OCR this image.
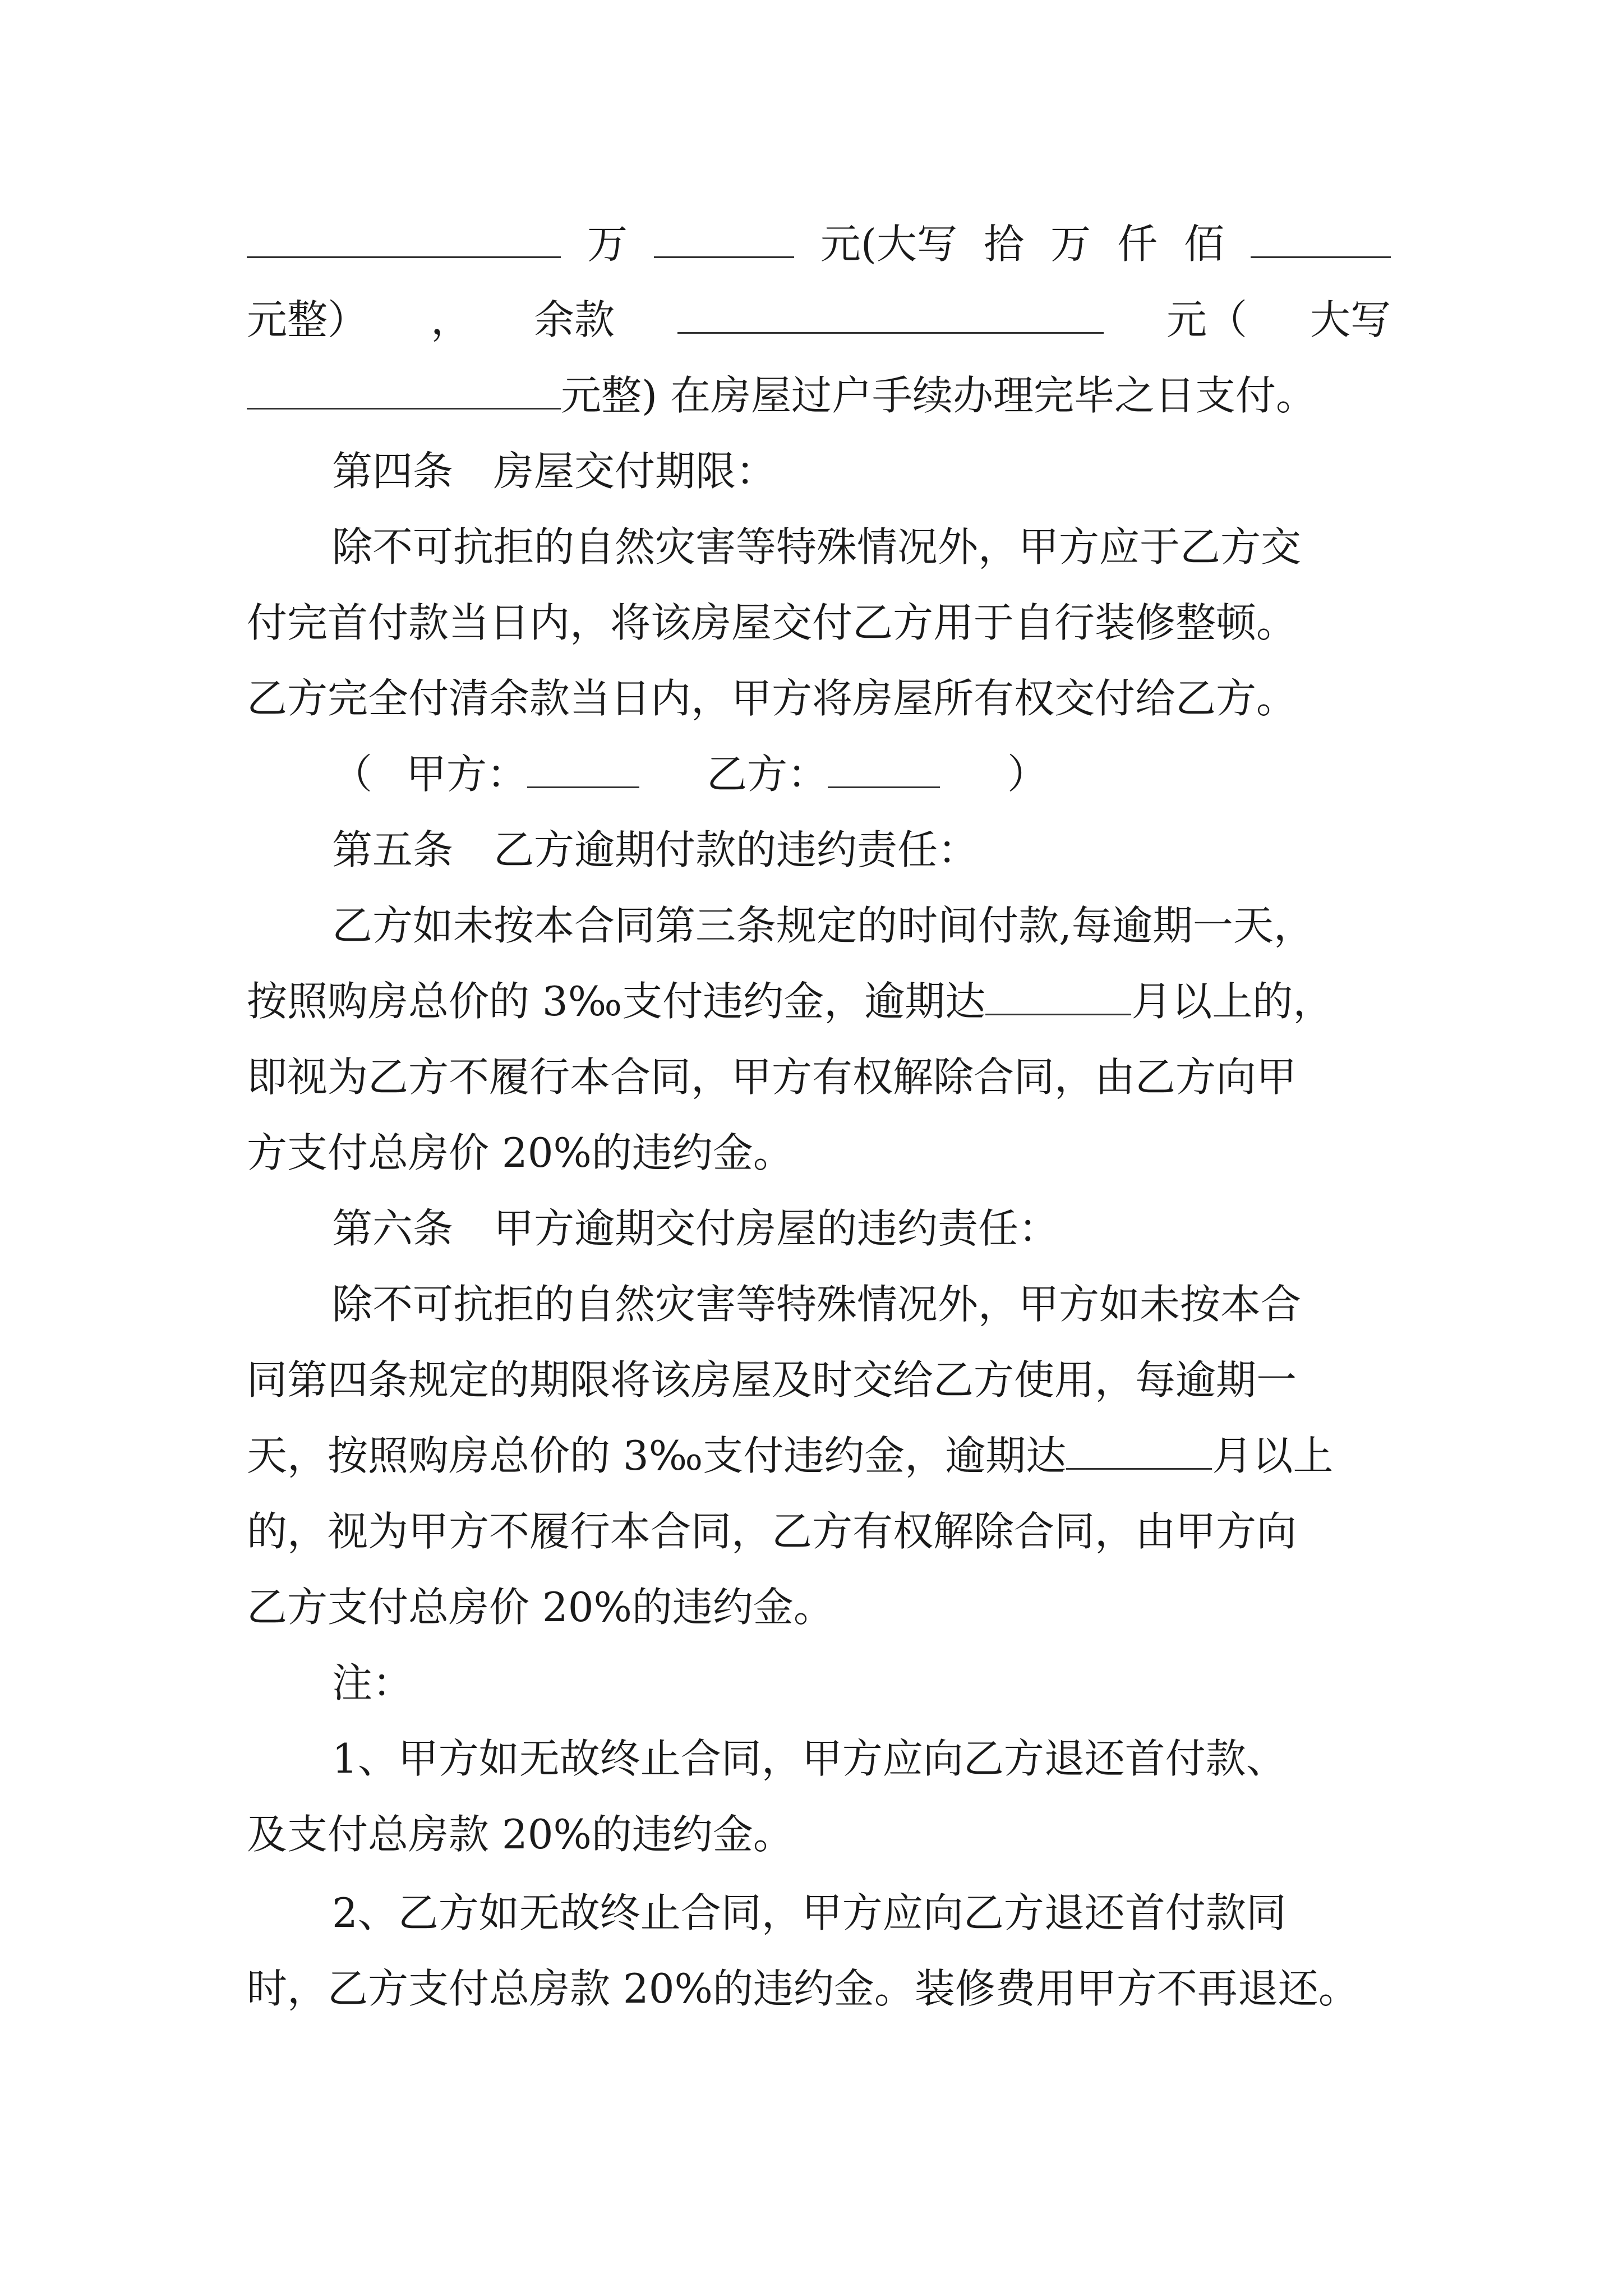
万	元(大写 拾 万 仟 佰
元整） ， 余款	元（ 大写
元整) 在房屋过户手续办理完毕之日支付。
第四条　房屋交付期限：
除不可抗拒的自然灾害等特殊情况外，甲方应于乙方交
付完首付款当日内，将该房屋交付乙方用于自行装修整顿。
乙方完全付清余款当日内，甲方将房屋所有权交付给乙方。
（ 甲方：	乙方：	）
第五条　乙方逾期付款的违约责任：
乙方如未按本合同第三条规定的时间付款,每逾期一天，
按照购房总价的 3‰支付违约金，逾期达	月以上的，
即视为乙方不履行本合同，甲方有权解除合同，由乙方向甲
方支付总房价 20%的违约金。
第六条　甲方逾期交付房屋的违约责任：
除不可抗拒的自然灾害等特殊情况外，甲方如未按本合
同第四条规定的期限将该房屋及时交给乙方使用，每逾期一
天，按照购房总价的 3‰支付违约金，逾期达	月以上
的，视为甲方不履行本合同，乙方有权解除合同，由甲方向
乙方支付总房价 20%的违约金。
注：
1、甲方如无故终止合同，甲方应向乙方退还首付款、
及支付总房款 20%的违约金。
2、乙方如无故终止合同，甲方应向乙方退还首付款同
时，乙方支付总房款 20%的违约金。装修费用甲方不再退还。
